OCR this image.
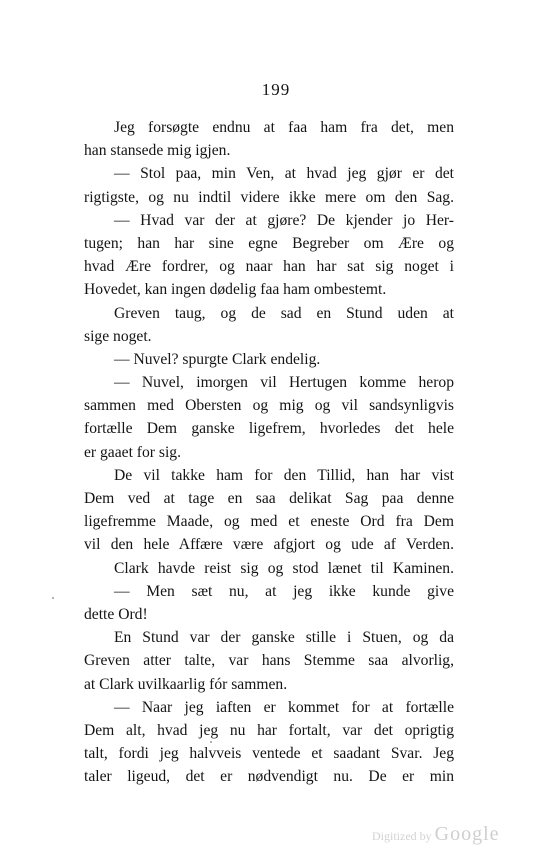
199
Jeg forsøgte endnu at faa ham fra det, men
han stansede mig igjen.
— Stol paa, min Ven, at hvad jeg gjør er det
rigtigste, og nu indtil videre ikke mere om den Sag.
— Hvad var der at gjøre? De kjender jo Her-
tugen; han har sine egne Begreber om Ære og
hvad Ære fordrer, og naar han har sat sig noget i
Hovedet, kan ingen dødelig faa ham ombestemt.
Greven taug, og de sad en Stund uden at
sige noget.
— Nuvel? spurgte Clark endelig.
— Nuvel, imorgen vil Hertugen komme herop
sammen med Obersten og mig og vil sandsynligvis
fortælle Dem ganske ligefrem, hvorledes det hele
er gaaet for sig.
De vil takke ham for den Tillid, han har vist
Dem ved at tage en saa delikat Sag paa denne
ligefremme Maade, og med et eneste Ord fra Dem
vil den hele Affære være afgjort og ude af Verden.
Clark havde reist sig og stod lænet til Kaminen.
— Men sæt nu, at jeg ikke kunde give
dette Ord!
En Stund var der ganske stille i Stuen, og da
Greven atter talte, var hans Stemme saa alvorlig,
at Clark uvilkaarlig fór sammen.
— Naar jeg iaften er kommet for at fortælle
Dem alt, hvad jeg nu har fortalt, var det oprigtig
talt, fordi jeg halvveis ventede et saadant Svar. Jeg
taler ligeud, det er nødvendigt nu. De er min
Digitized by Google
